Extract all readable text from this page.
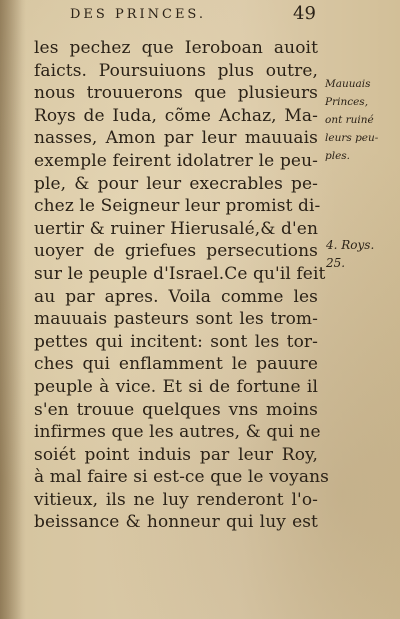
DES PRINCES.	49
les pechez que Ieroboan auoit
faicts. Poursuiuons plus outre,
nous trouuerons que plusieurs
Roys de Iuda, cõme Achaz, Ma-
nasses, Amon par leur mauuais
exemple feirent idolatrer le peu-
ple, & pour leur execrables pe-
chez le Seigneur leur promist di-
uertir & ruiner Hierusalé,& d'en
uoyer de griefues persecutions
sur le peuple d'Israel.Ce qu'il feit
au par apres. Voila comme les
mauuais pasteurs sont les trom-
pettes qui incitent: sont les tor-
ches qui enflamment le pauure
peuple à vice. Et si de fortune il
s'en trouue quelques vns moins
infirmes que les autres, & qui ne
soiét point induis par leur Roy,
à mal faire si est-ce que le voyans
vitieux, ils ne luy renderont l'o-
beissance & honneur qui luy est
Mauuais
Princes,
ont ruiné
leurs peu-
ples.
4. Roys.
25.
